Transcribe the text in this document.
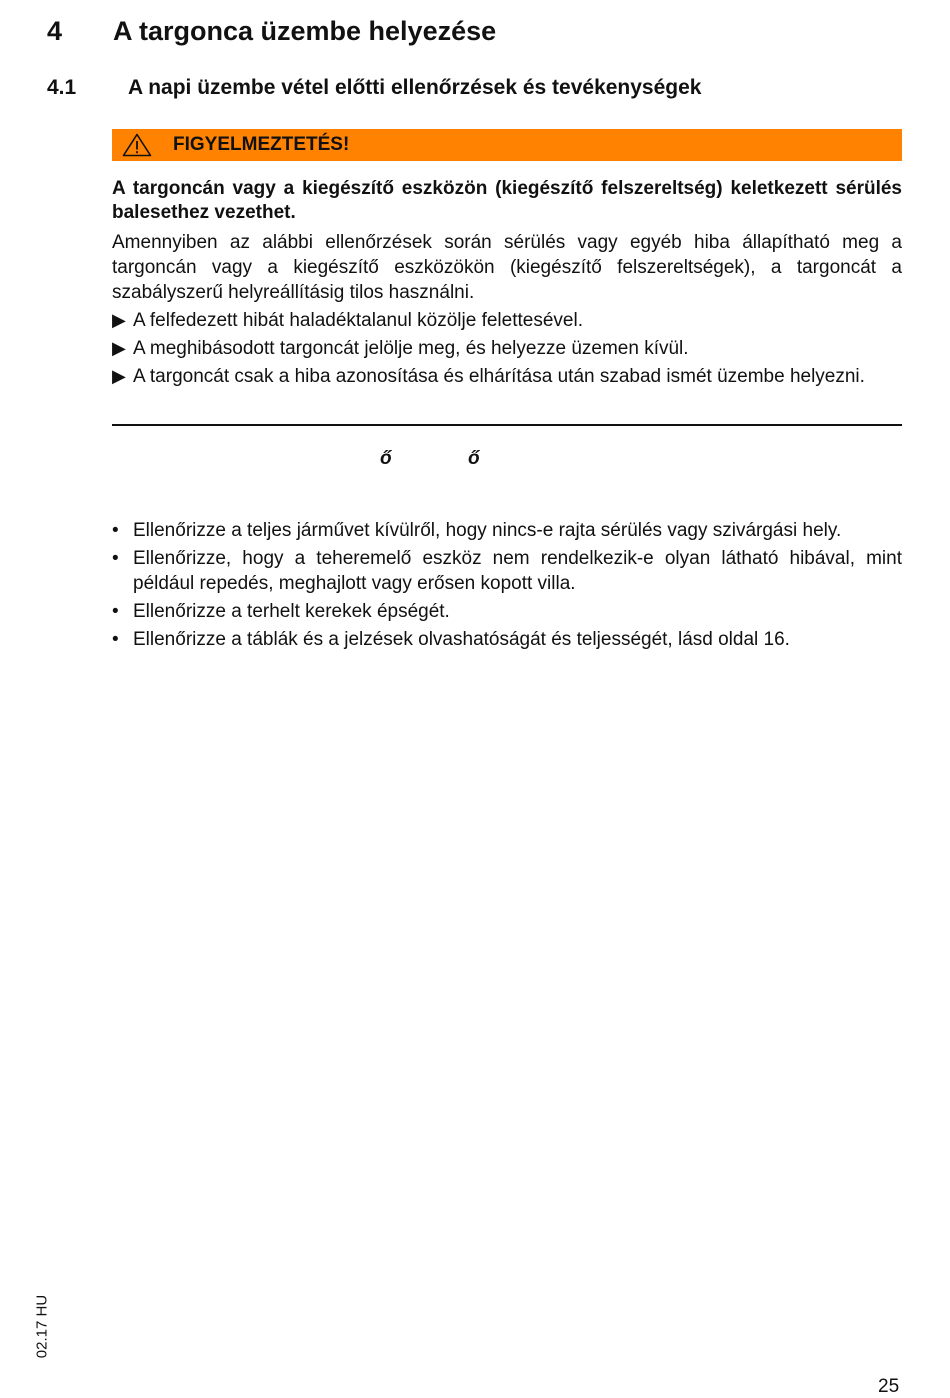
4	A targonca üzembe helyezése
4.1	A napi üzembe vétel előtti ellenőrzések és tevékenységek
FIGYELMEZTETÉS!
A targoncán vagy a kiegészítő eszközön (kiegészítő felszereltség) keletkezett sérülés balesethez vezethet.
Amennyiben az alábbi ellenőrzések során sérülés vagy egyéb hiba állapítható meg a targoncán vagy a kiegészítő eszközökön (kiegészítő felszereltségek), a targoncát a szabályszerű helyreállításig tilos használni.
▶ A felfedezett hibát haladéktalanul közölje felettesével.
▶ A meghibásodott targoncát jelölje meg, és helyezze üzemen kívül.
▶ A targoncát csak a hiba azonosítása és elhárítása után szabad ismét üzembe helyezni.
ő	ő
• Ellenőrizze a teljes járművet kívülről, hogy nincs-e rajta sérülés vagy szivárgási hely.
• Ellenőrizze, hogy a teheremelő eszköz nem rendelkezik-e olyan látható hibával, mint például repedés, meghajlott vagy erősen kopott villa.
• Ellenőrizze a terhelt kerekek épségét.
• Ellenőrizze a táblák és a jelzések olvashatóságát és teljességét, lásd oldal 16.
02.17 HU
25
